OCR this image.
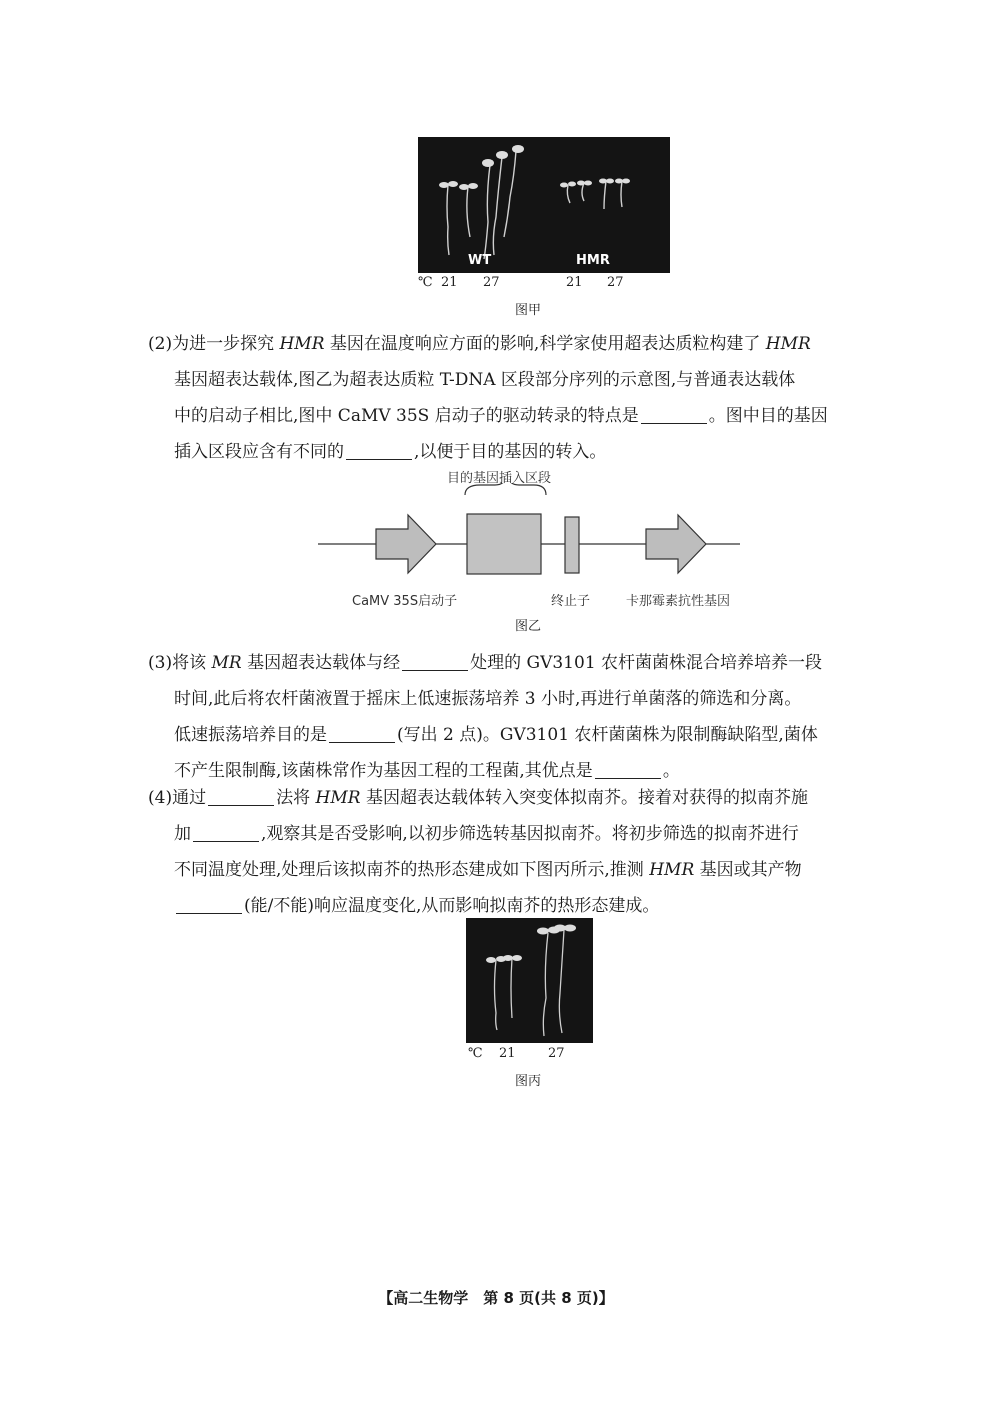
WT	HMR
℃ 21 27	21 27
图甲
(2)为进一步探究 HMR 基因在温度响应方面的影响,科学家使用超表达质粒构建了 HMR
基因超表达载体,图乙为超表达质粒 T-DNA 区段部分序列的示意图,与普通表达载体
中的启动子相比,图中 CaMV 35S 启动子的驱动转录的特点是	。图中目的基因
插入区段应含有不同的	,以便于目的基因的转入。
目的基因插入区段
CaMV 35S启动子	终止子	卡那霉素抗性基因
图乙
(3)将该 MR 基因超表达载体与经	处理的 GV3101 农杆菌菌株混合培养培养一段
时间,此后将农杆菌液置于摇床上低速振荡培养 3 小时,再进行单菌落的筛选和分离。
低速振荡培养目的是	(写出 2 点)。GV3101 农杆菌菌株为限制酶缺陷型,菌体
不产生限制酶,该菌株常作为基因工程的工程菌,其优点是	。
(4)通过	法将 HMR 基因超表达载体转入突变体拟南芥。接着对获得的拟南芥施
加	,观察其是否受影响,以初步筛选转基因拟南芥。将初步筛选的拟南芥进行
不同温度处理,处理后该拟南芥的热形态建成如下图丙所示,推测 HMR 基因或其产物
(能/不能)响应温度变化,从而影响拟南芥的热形态建成。
℃ 21 27
图丙
【高二生物学　第 8 页(共 8 页)】
